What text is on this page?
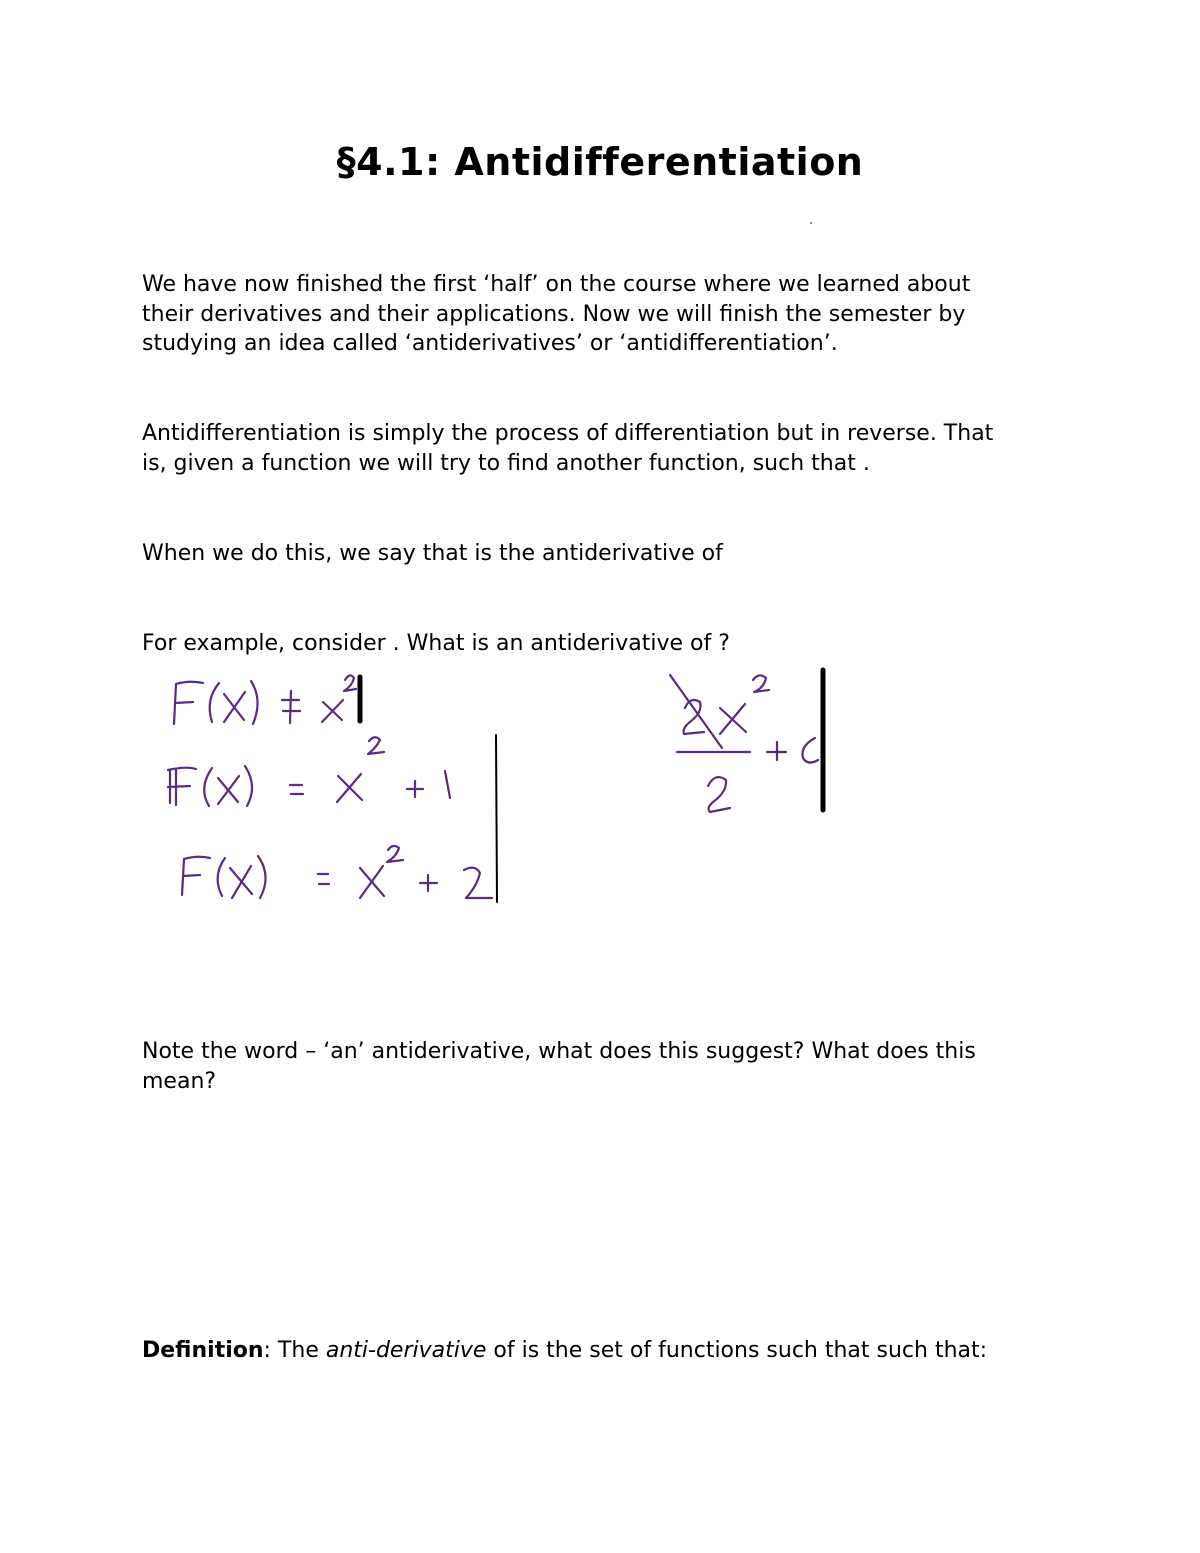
§4.1: Antidifferentiation

We have now finished the first ‘half’ on the course where we learned about
their derivatives and their applications. Now we will finish the semester by
studying an idea called ‘antiderivatives’ or ‘antidifferentiation’.

Antidifferentiation is simply the process of differentiation but in reverse. That
is, given a function we will try to find another function, such that .

When we do this, we say that is the antiderivative of

For example, consider . What is an antiderivative of ?

Note the word – ‘an’ antiderivative, what does this suggest? What does this
mean?

Definition: The anti-derivative of is the set of functions such that such that:
